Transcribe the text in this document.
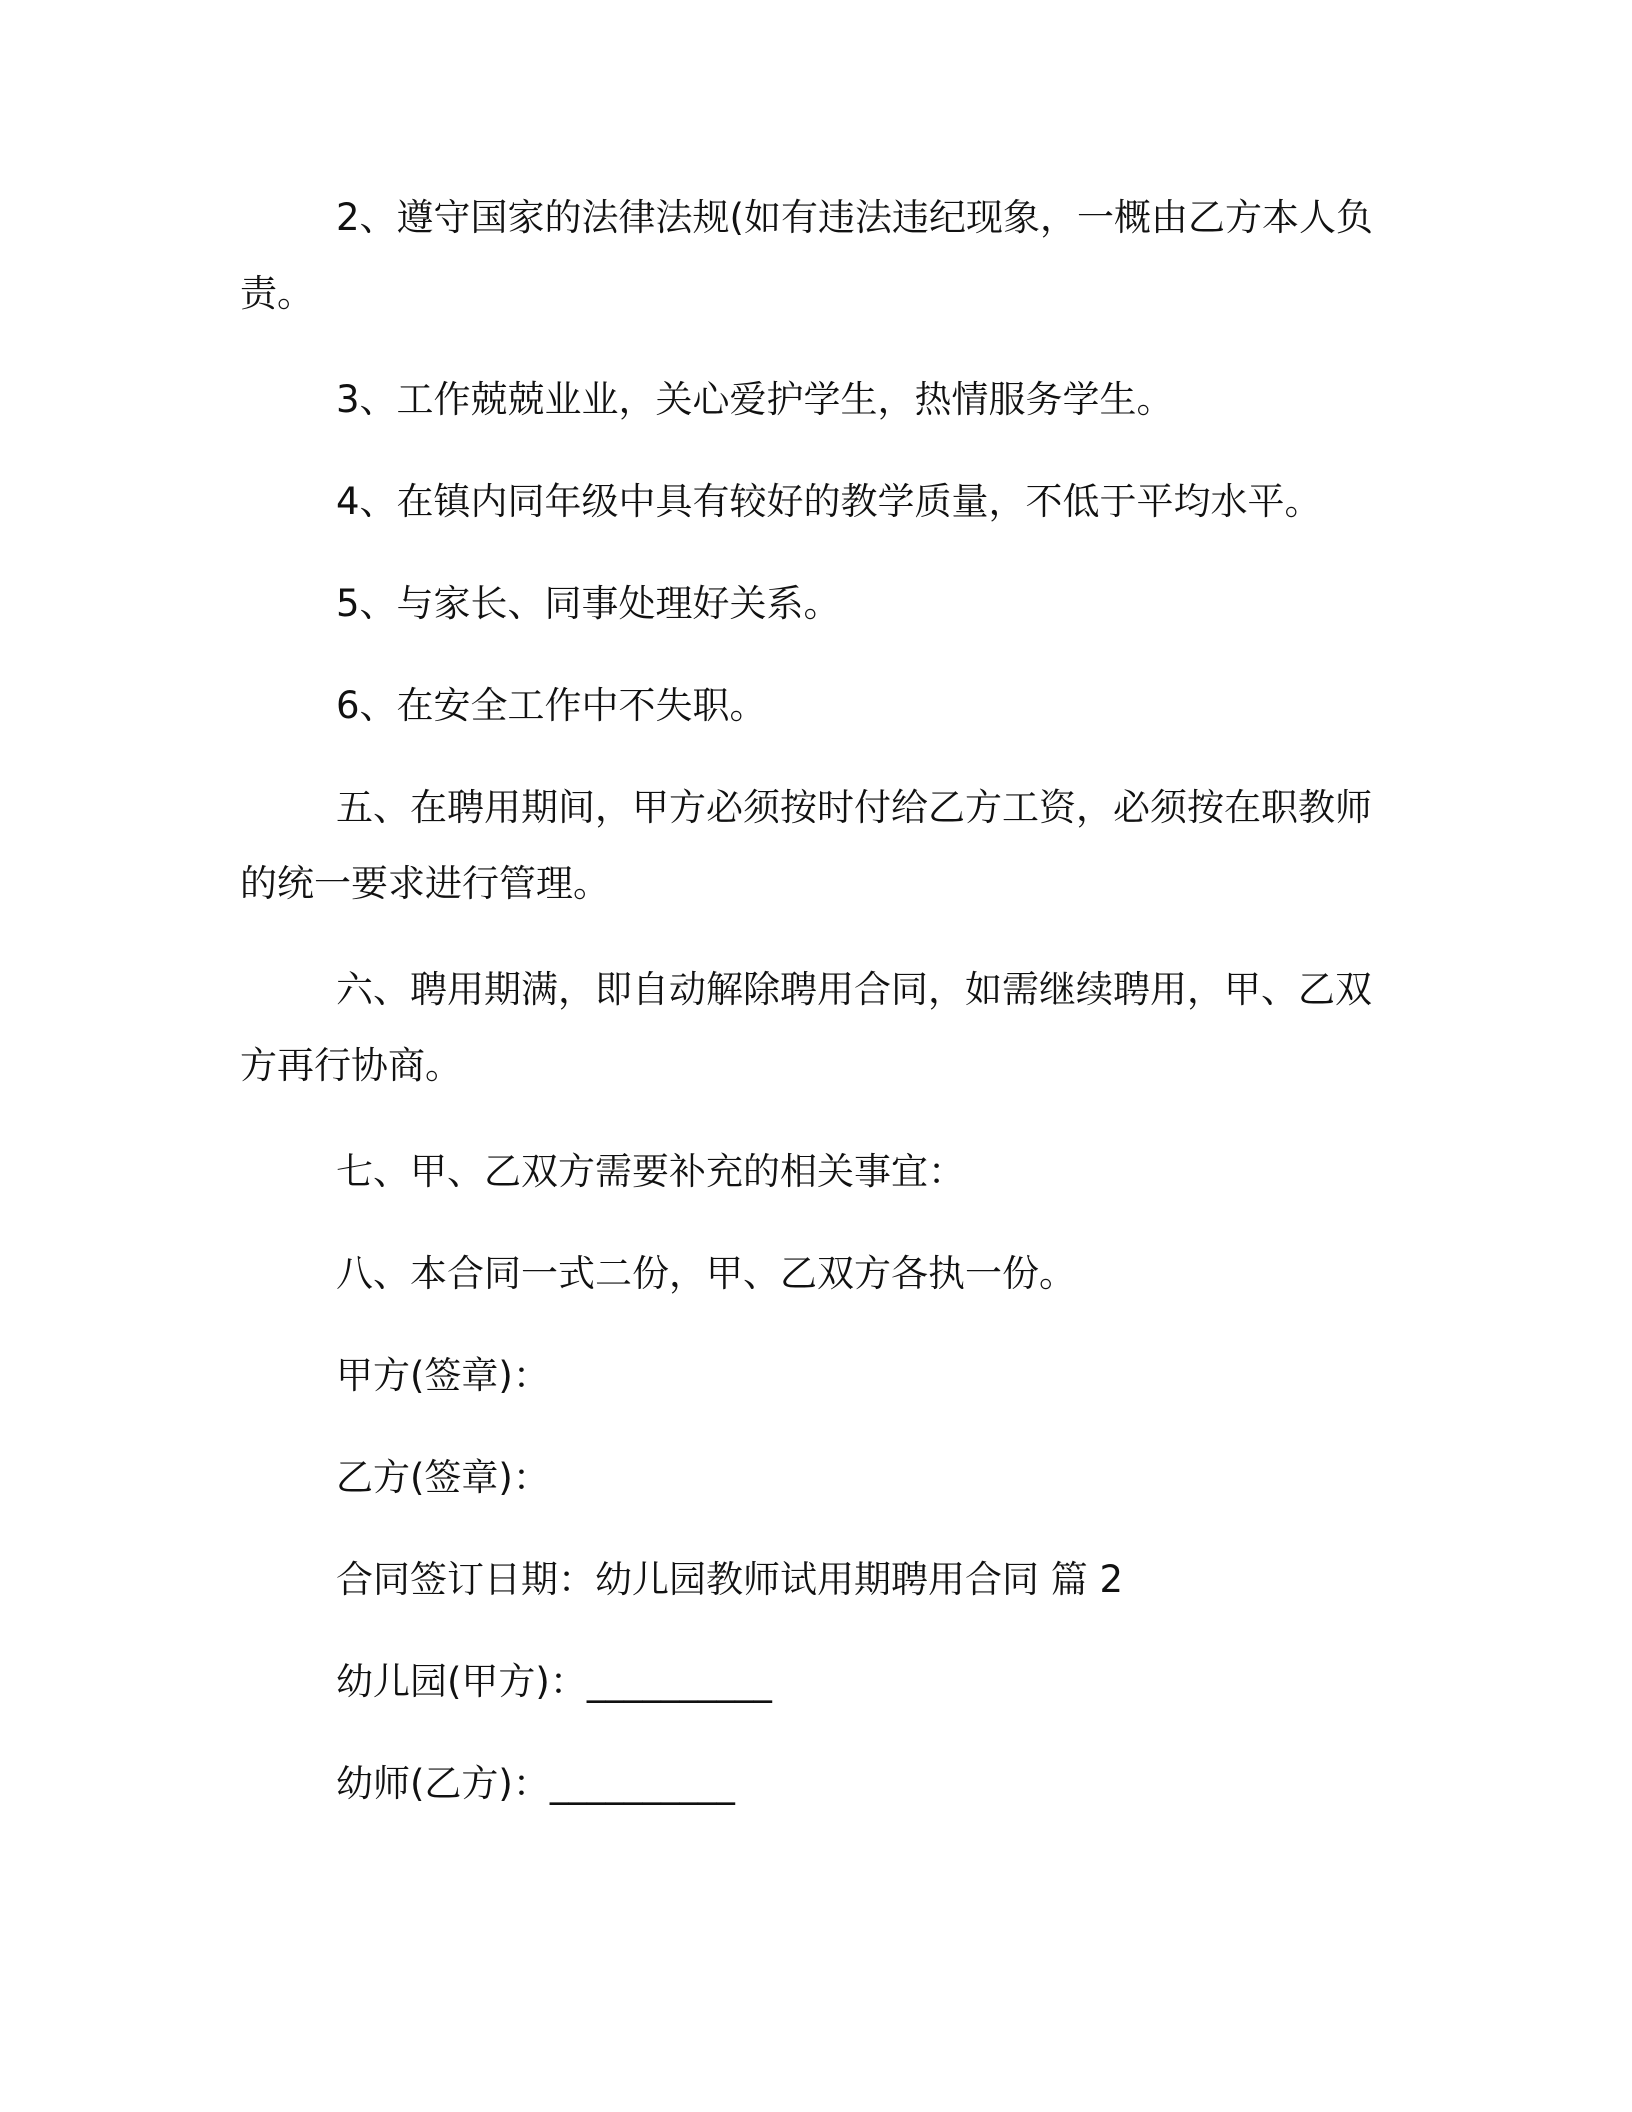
2、遵守国家的法律法规(如有违法违纪现象，一概由乙方本人负责。

3、工作兢兢业业，关心爱护学生，热情服务学生。

4、在镇内同年级中具有较好的教学质量，不低于平均水平。

5、与家长、同事处理好关系。

6、在安全工作中不失职。

五、在聘用期间，甲方必须按时付给乙方工资，必须按在职教师的统一要求进行管理。

六、聘用期满，即自动解除聘用合同，如需继续聘用，甲、乙双方再行协商。

七、甲、乙双方需要补充的相关事宜：

八、本合同一式二份，甲、乙双方各执一份。

甲方(签章)：

乙方(签章)：

合同签订日期：幼儿园教师试用期聘用合同 篇 2

幼儿园(甲方)：__________

幼师(乙方)：__________
